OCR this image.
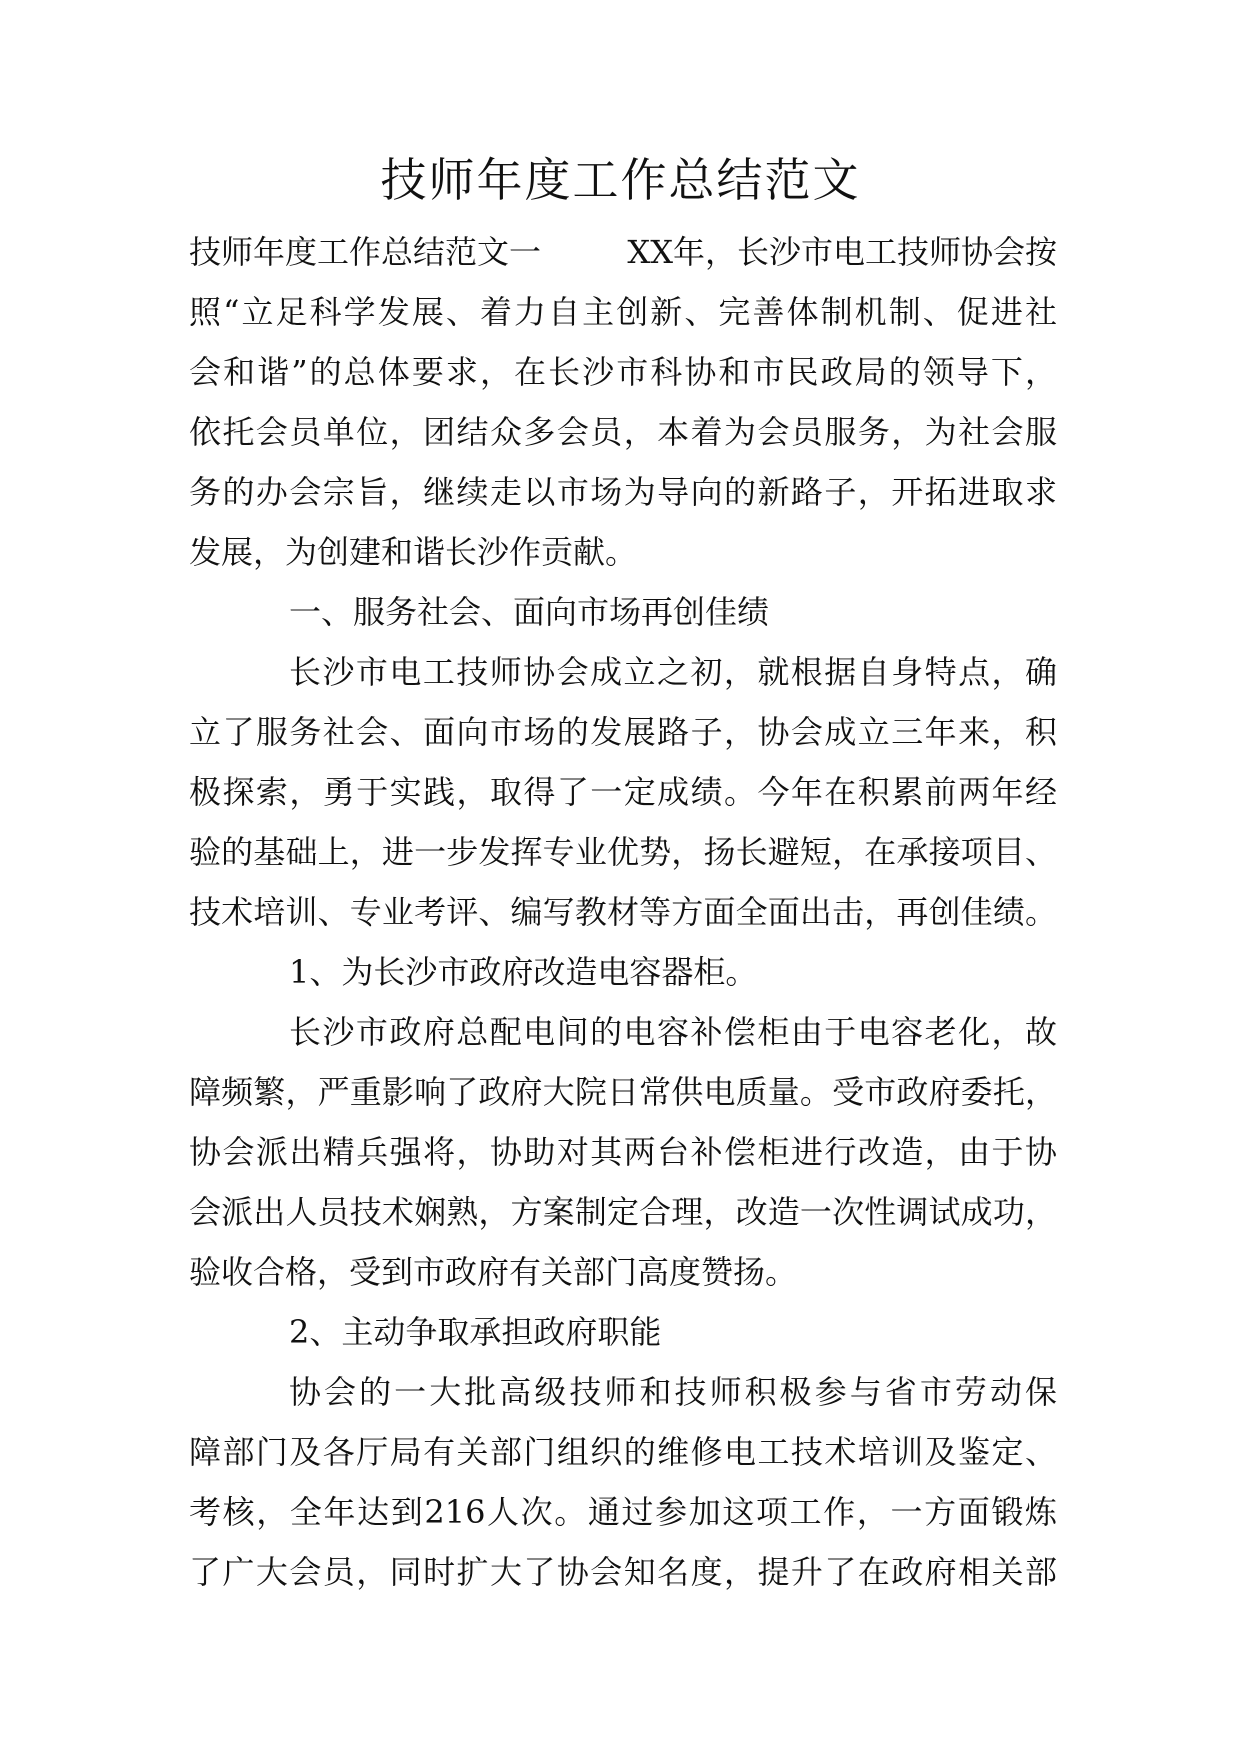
技师年度工作总结范文
技师年度工作总结范文一	XX年，长沙市电工技师协会按
照“立足科学发展、着力自主创新、完善体制机制、促进社
会和谐”的总体要求，在长沙市科协和市民政局的领导下，
依托会员单位，团结众多会员，本着为会员服务，为社会服
务的办会宗旨，继续走以市场为导向的新路子，开拓进取求
发展，为创建和谐长沙作贡献。
一、服务社会、面向市场再创佳绩
长沙市电工技师协会成立之初，就根据自身特点，确
立了服务社会、面向市场的发展路子，协会成立三年来，积
极探索，勇于实践，取得了一定成绩。今年在积累前两年经
验的基础上，进一步发挥专业优势，扬长避短，在承接项目、
技术培训、专业考评、编写教材等方面全面出击，再创佳绩。
1、为长沙市政府改造电容器柜。
长沙市政府总配电间的电容补偿柜由于电容老化，故
障频繁，严重影响了政府大院日常供电质量。受市政府委托，
协会派出精兵强将，协助对其两台补偿柜进行改造，由于协
会派出人员技术娴熟，方案制定合理，改造一次性调试成功，
验收合格，受到市政府有关部门高度赞扬。
2、主动争取承担政府职能
协会的一大批高级技师和技师积极参与省市劳动保
障部门及各厅局有关部门组织的维修电工技术培训及鉴定、
考核，全年达到216人次。通过参加这项工作，一方面锻炼
了广大会员，同时扩大了协会知名度，提升了在政府相关部
